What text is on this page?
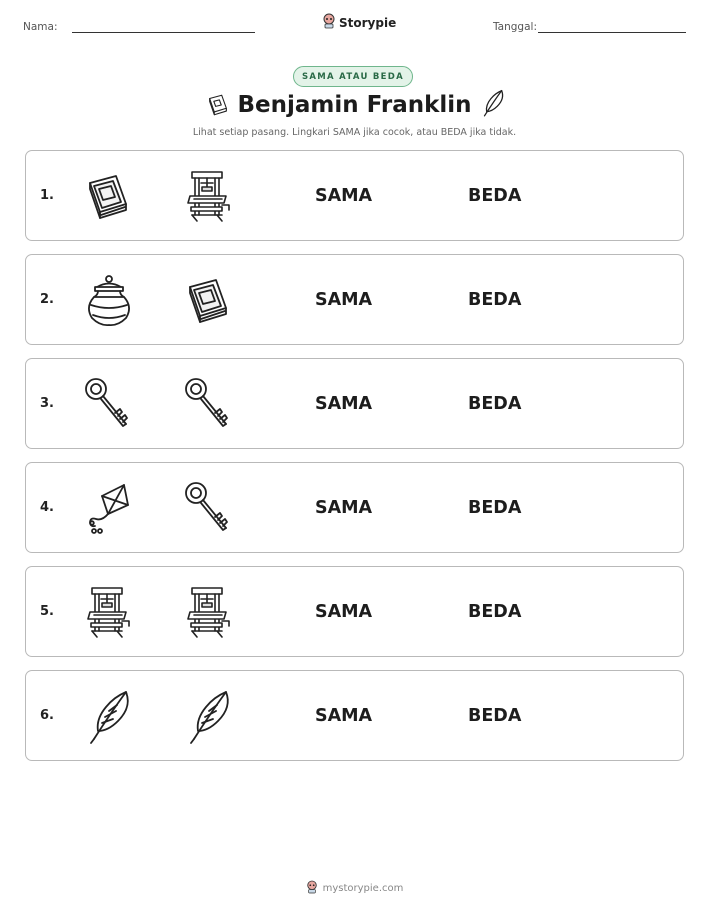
Nama:	Storypie	Tanggal:
SAMA ATAU BEDA
Benjamin Franklin
Lihat setiap pasang. Lingkari SAMA jika cocok, atau BEDA jika tidak.
1.	SAMA	BEDA
2.	SAMA	BEDA
3.	SAMA	BEDA
4.	SAMA	BEDA
5.	SAMA	BEDA
6.	SAMA	BEDA
mystorypie.com
